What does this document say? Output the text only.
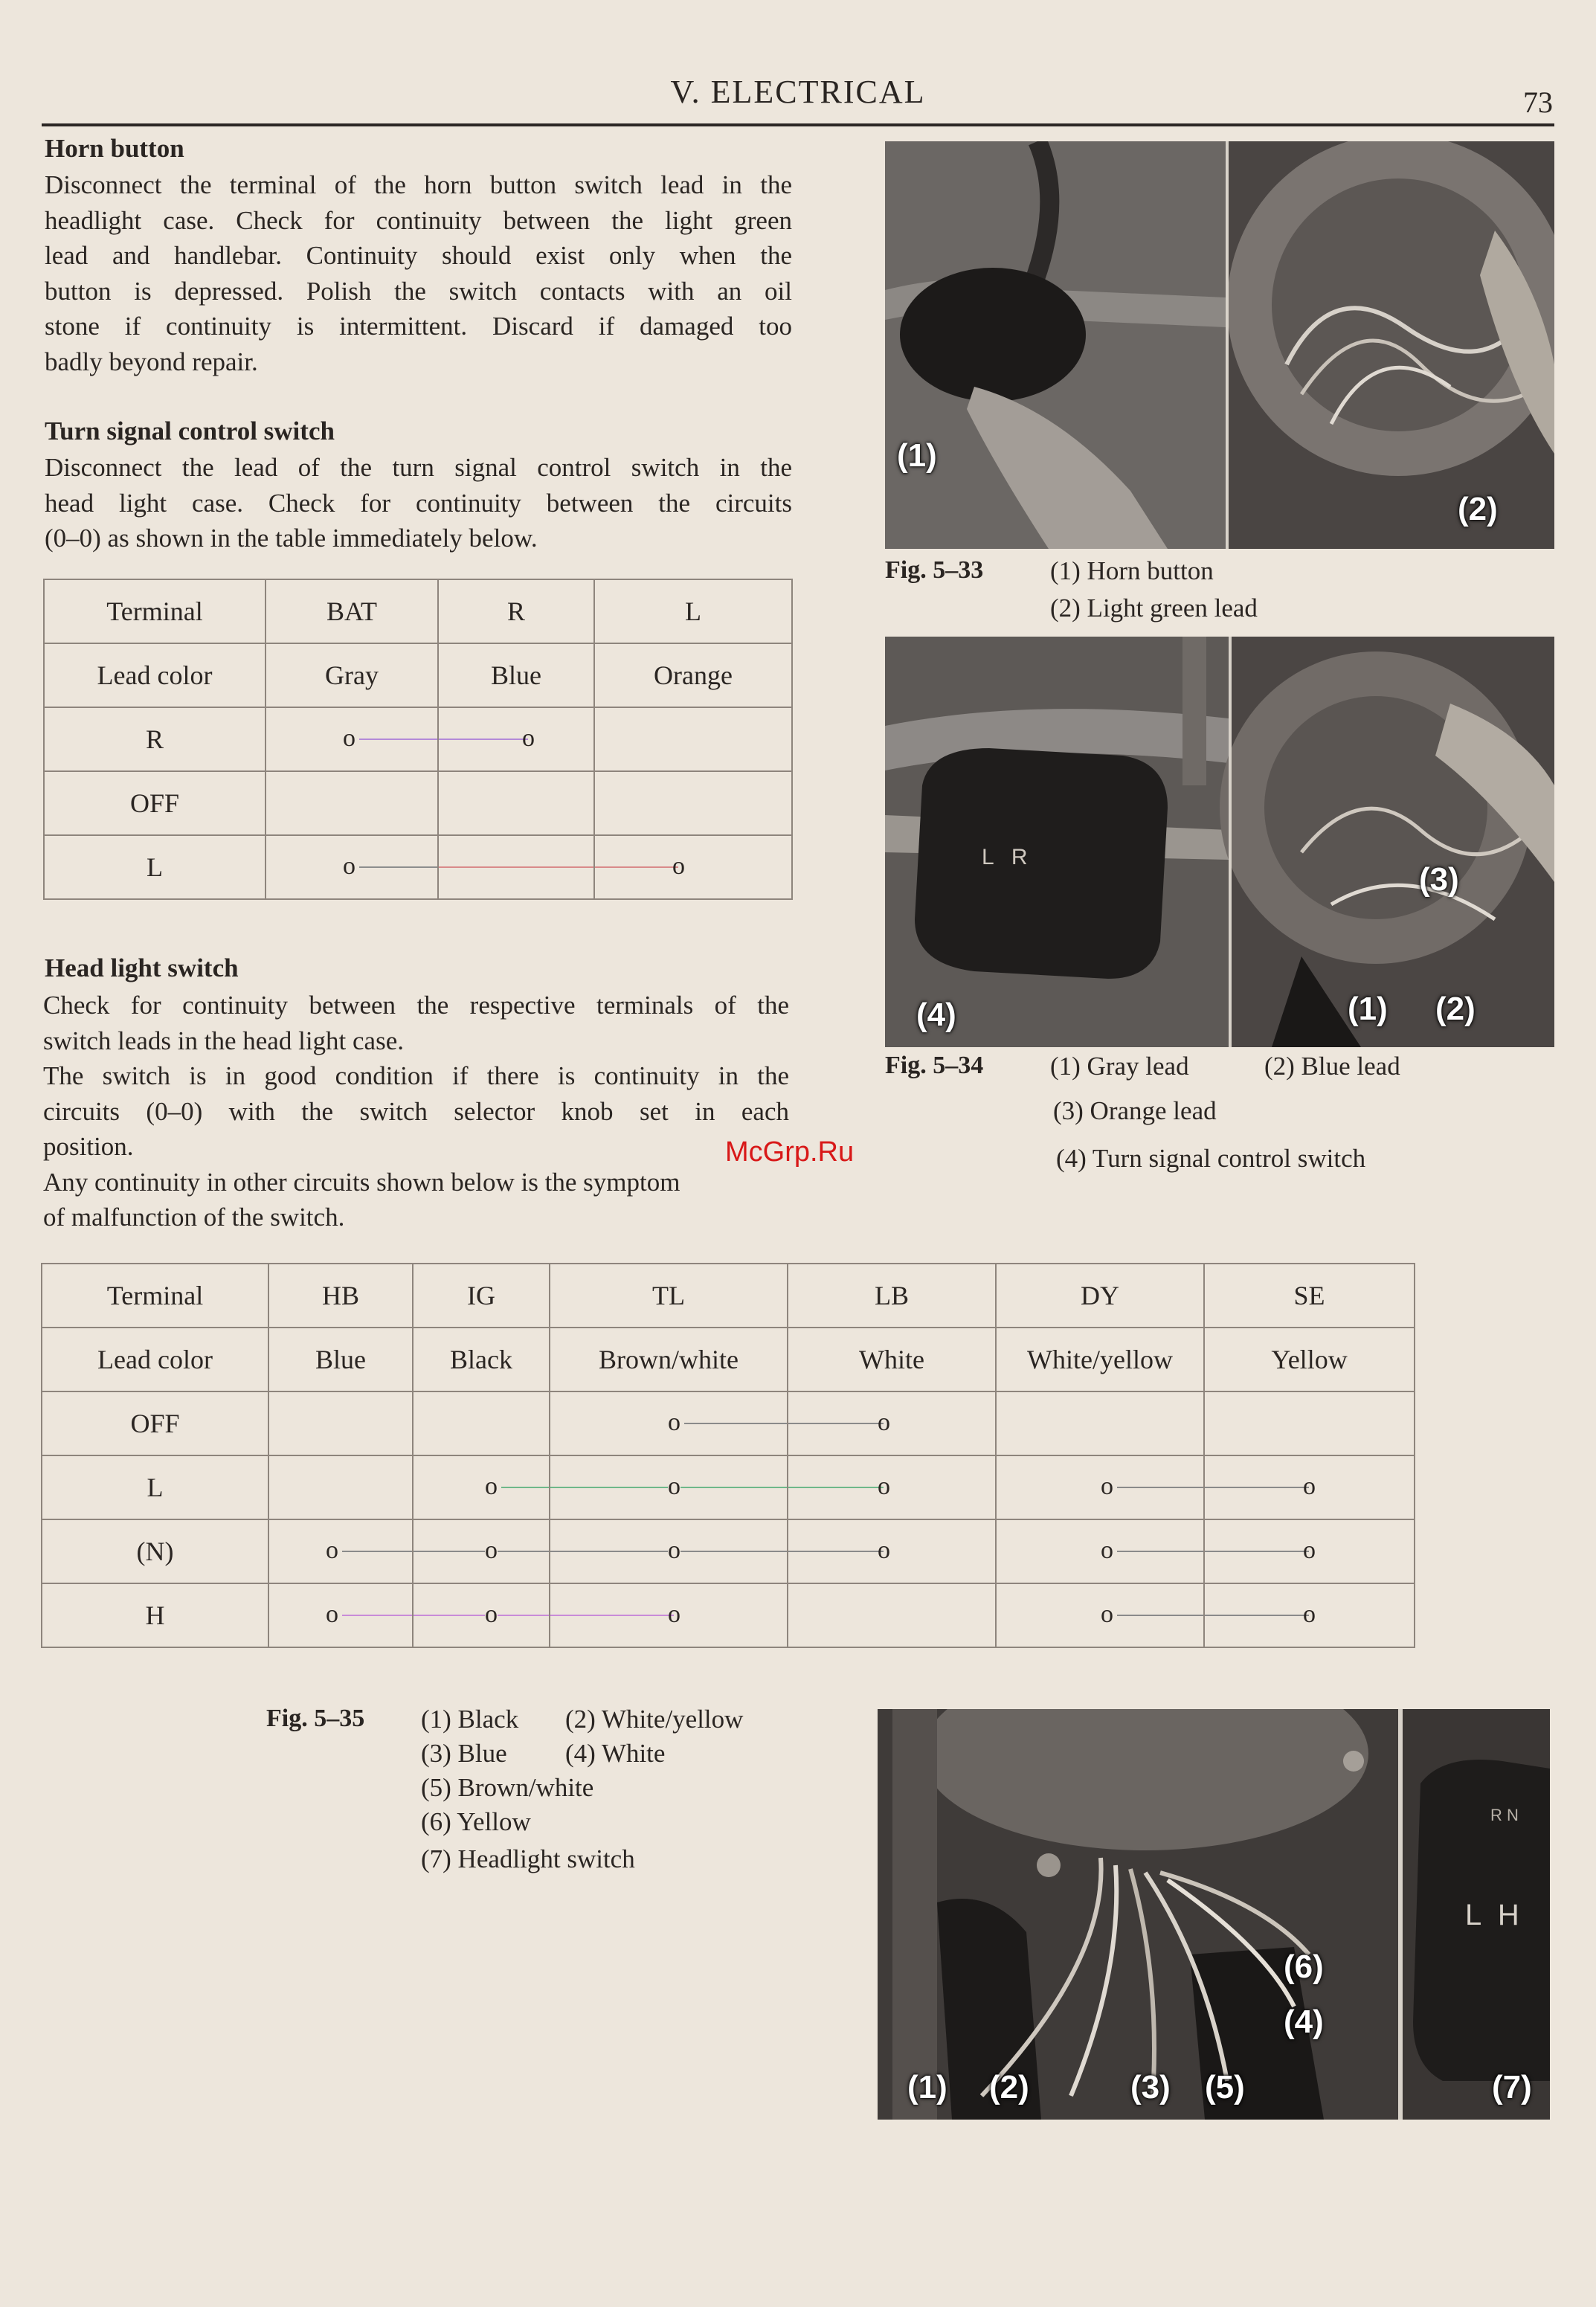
V. ELECTRICAL	73
Horn button
Disconnect the terminal of the horn button switch lead in the
headlight case. Check for continuity between the light green
lead and handlebar. Continuity should exist only when the
button is depressed. Polish the switch contacts with an oil
stone if continuity is intermittent. Discard if damaged too
badly beyond repair.
Turn signal control switch
Disconnect the lead of the turn signal control switch in the
head light case. Check for continuity between the circuits
(0–0) as shown in the table immediately below.
Terminal	BAT	R	L
Lead color	Gray	Blue	Orange
R	o	o	

OFF			
L	o		o
Head light switch
Check for continuity between the respective terminals of the
switch leads in the head light case.
The switch is in good condition if there is continuity in the
circuits (0–0) with the switch selector knob set in each
position.
Any continuity in other circuits shown below is the symptom
of malfunction of the switch.
Terminal	HB	IG	TL	LB	DY	SE
Lead color	Blue	Black	Brown/white	White	White/yellow	Yellow
OFF			o	o		

L		o	o	o	o	o

(N)	o	o	o	o	o	o

H	o	o	o		o	o
(1)
(2)
Fig. 5–33	(1) Horn button
(2) Light green lead
L R
(3)
(1) (2)
(4)
Fig. 5–34	(1) Gray lead	(2) Blue lead
(3) Orange lead
(4) Turn signal control switch
McGrp.Ru
Fig. 5–35 (1) Black (2) White/yellow
(3) Blue (4) White
(5) Brown/white
(6) Yellow
(7) Headlight switch
R N
L H
(6)
(4)
(1) (2)	(3) (5)	(7)
